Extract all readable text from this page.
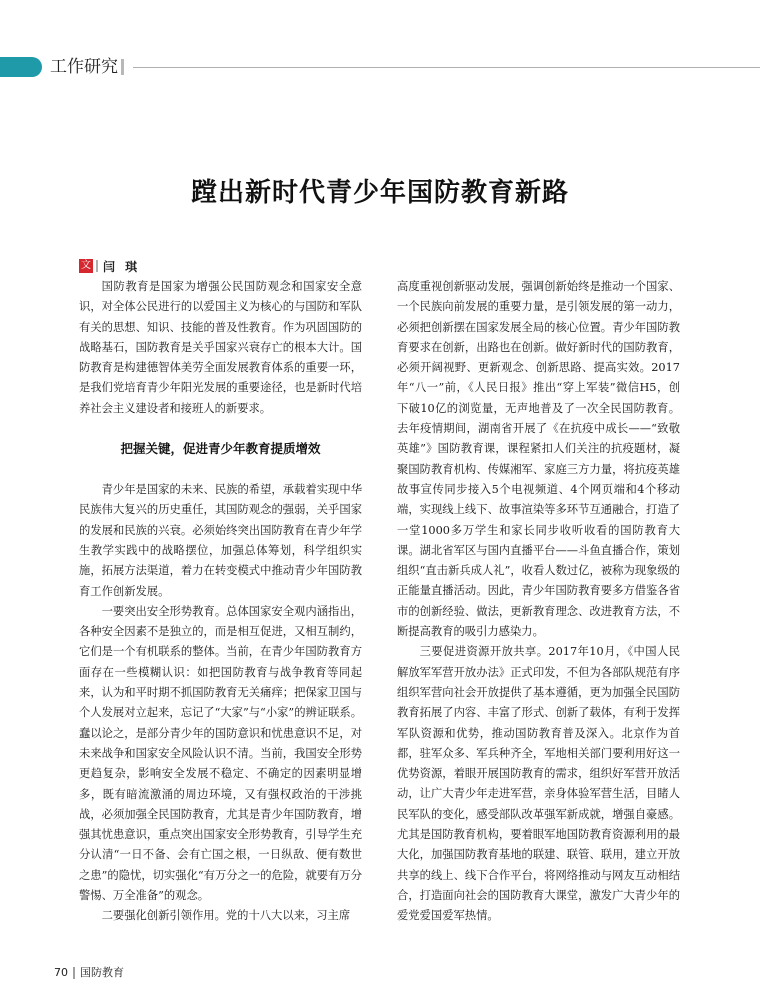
工作研究
蹚出新时代青少年国防教育新路
文 闫 琪

国防教育是国家为增强公民国防观念和国家安全意识，对全体公民进行的以爱国主义为核心的与国防和军队有关的思想、知识、技能的普及性教育。作为巩固国防的战略基石，国防教育是关乎国家兴衰存亡的根本大计。国防教育是构建德智体美劳全面发展教育体系的重要一环，是我们党培育青少年阳光发展的重要途径，也是新时代培养社会主义建设者和接班人的新要求。

把握关键，促进青少年教育提质增效

青少年是国家的未来、民族的希望，承载着实现中华民族伟大复兴的历史重任，其国防观念的强弱，关乎国家的发展和民族的兴衰。必须始终突出国防教育在青少年学生教学实践中的战略摆位，加强总体筹划，科学组织实施，拓展方法渠道，着力在转变模式中推动青少年国防教育工作创新发展。

一要突出安全形势教育。总体国家安全观内涵指出，各种安全因素不是独立的，而是相互促进，又相互制约，它们是一个有机联系的整体。当前，在青少年国防教育方面存在一些模糊认识：如把国防教育与战争教育等同起来，认为和平时期不抓国防教育无关痛痒；把保家卫国与个人发展对立起来，忘记了“大家”与“小家”的辨证联系。蠢以论之，是部分青少年的国防意识和忧患意识不足，对未来战争和国家安全风险认识不清。当前，我国安全形势更趋复杂，影响安全发展不稳定、不确定的因素明显增多，既有暗流激涌的周边环境，又有强权政治的干涉挑战，必须加强全民国防教育，尤其是青少年国防教育，增强其忧患意识，重点突出国家安全形势教育，引导学生充分认清“一日不备、会有亡国之根，一日纵敌、便有数世之患”的隐忧，切实强化“有万分之一的危险，就要有万分警惕、万全准备”的观念。

二要强化创新引领作用。党的十八大以来，习主席

高度重视创新驱动发展，强调创新始终是推动一个国家、一个民族向前发展的重要力量，是引领发展的第一动力，必须把创新摆在国家发展全局的核心位置。青少年国防教育要求在创新，出路也在创新。做好新时代的国防教育，必须开阔视野、更新观念、创新思路、提高实效。2017年“八一”前，《人民日报》推出“穿上军装”微信H5，创下破10亿的浏览量，无声地普及了一次全民国防教育。去年疫情期间，湖南省开展了《在抗疫中成长——“致敬英雄”》国防教育课，课程紧扣人们关注的抗疫题材，凝聚国防教育机构、传媒湘军、家庭三方力量，将抗疫英雄故事宣传同步接入5个电视频道、4个网页端和4个移动端，实现线上线下、故事渲染等多环节互通融合，打造了一堂1000多万学生和家长同步收听收看的国防教育大课。湖北省军区与国内直播平台——斗鱼直播合作，策划组织“直击新兵成人礼”，收看人数过亿，被称为现象级的正能量直播活动。因此，青少年国防教育要多方借鉴各省市的创新经验、做法，更新教育理念、改进教育方法，不断提高教育的吸引力感染力。

三要促进资源开放共享。2017年10月，《中国人民解放军军营开放办法》正式印发，不但为各部队规范有序组织军营向社会开放提供了基本遵循，更为加强全民国防教育拓展了内容、丰富了形式、创新了载体，有利于发挥军队资源和优势，推动国防教育普及深入。北京作为首都，驻军众多、军兵种齐全，军地相关部门要利用好这一优势资源，着眼开展国防教育的需求，组织好军营开放活动，让广大青少年走进军营，亲身体验军营生活，目睹人民军队的变化，感受部队改革强军新成就，增强自豪感。尤其是国防教育机构，要着眼军地国防教育资源利用的最大化，加强国防教育基地的联建、联管、联用，建立开放共享的线上、线下合作平台，将网络推动与网友互动相结合，打造面向社会的国防教育大课堂，激发广大青少年的爱党爱国爱军热情。

70 国防教育
